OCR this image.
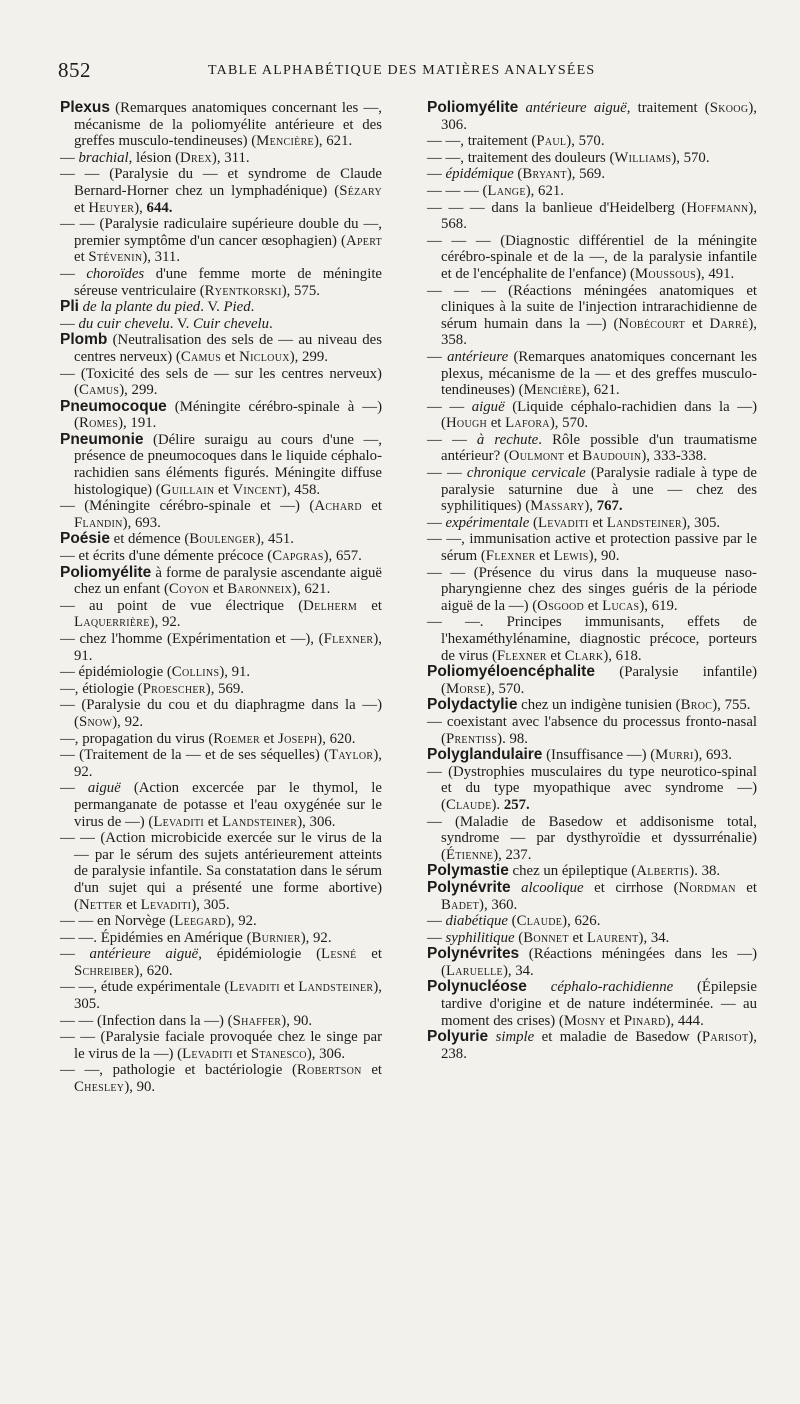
852	TABLE ALPHABÉTIQUE DES MATIÈRES ANALYSÉES

Plexus (Remarques anatomiques concernant les —, mécanisme de la poliomyélite antérieure et des greffes musculo-tendineuses) (Mencière), 621.

— brachial, lésion (Drex), 311.

— — (Paralysie du — et syndrome de Claude Bernard-Horner chez un lymphadénique) (Sézary et Heuyer), 644.

— — (Paralysie radiculaire supérieure double du —, premier symptôme d'un cancer œsophagien) (Apert et Stévenin), 311.

— choroïdes d'une femme morte de méningite séreuse ventriculaire (Ryentkorski), 575.

Pli de la plante du pied. V. Pied.

— du cuir chevelu. V. Cuir chevelu.

Plomb (Neutralisation des sels de — au niveau des centres nerveux) (Camus et Nicloux), 299.

— (Toxicité des sels de — sur les centres nerveux) (Camus), 299.

Pneumocoque (Méningite cérébro-spinale à —) (Romes), 191.

Pneumonie (Délire suraigu au cours d'une —, présence de pneumocoques dans le liquide céphalo-rachidien sans éléments figurés. Méningite diffuse histologique) (Guillain et Vincent), 458.

— (Méningite cérébro-spinale et —) (Achard et Flandin), 693.

Poésie et démence (Boulenger), 451.

— et écrits d'une démente précoce (Capgras), 657.

Poliomyélite à forme de paralysie ascendante aiguë chez un enfant (Coyon et Baronneix), 621.

— au point de vue électrique (Delherm et Laquerrière), 92.

— chez l'homme (Expérimentation et —), (Flexner), 91.

— épidémiologie (Collins), 91.

—, étiologie (Proescher), 569.

— (Paralysie du cou et du diaphragme dans la —) (Snow), 92.

—, propagation du virus (Roemer et Joseph), 620.

— (Traitement de la — et de ses séquelles) (Taylor), 92.

— aiguë (Action excercée par le thymol, le permanganate de potasse et l'eau oxygénée sur le virus de —) (Levaditi et Landsteiner), 306.

— — (Action microbicide exercée sur le virus de la — par le sérum des sujets antérieurement atteints de paralysie infantile. Sa constatation dans le sérum d'un sujet qui a présenté une forme abortive) (Netter et Levaditi), 305.

— — en Norvège (Leegard), 92.

— —. Épidémies en Amérique (Burnier), 92.

— antérieure aiguë, épidémiologie (Lesné et Schreiber), 620.

— —, étude expérimentale (Levaditi et Landsteiner), 305.

— — (Infection dans la —) (Shaffer), 90.

— — (Paralysie faciale provoquée chez le singe par le virus de la —) (Levaditi et Stanesco), 306.

— —, pathologie et bactériologie (Robertson et Chesley), 90.

Poliomyélite antérieure aiguë, traitement (Skoog), 306.

— —, traitement (Paul), 570.

— —, traitement des douleurs (Williams), 570.

— épidémique (Bryant), 569.

— — — (Lange), 621.

— — — dans la banlieue d'Heidelberg (Hoffmann), 568.

— — — (Diagnostic différentiel de la méningite cérébro-spinale et de la —, de la paralysie infantile et de l'encéphalite de l'enfance) (Moussous), 491.

— — — (Réactions méningées anatomiques et cliniques à la suite de l'injection intrarachidienne de sérum humain dans la —) (Nobécourt et Darré), 358.

— antérieure (Remarques anatomiques concernant les plexus, mécanisme de la — et des greffes musculo-tendineuses) (Mencière), 621.

— — aiguë (Liquide céphalo-rachidien dans la —) (Hough et Lafora), 570.

— — à rechute. Rôle possible d'un traumatisme antérieur? (Oulmont et Baudouin), 333-338.

— — chronique cervicale (Paralysie radiale à type de paralysie saturnine due à une — chez des syphilitiques) (Massary), 767.

— expérimentale (Levaditi et Landsteiner), 305.

— —, immunisation active et protection passive par le sérum (Flexner et Lewis), 90.

— — (Présence du virus dans la muqueuse naso-pharyngienne chez des singes guéris de la période aiguë de la —) (Osgood et Lucas), 619.

— —. Principes immunisants, effets de l'hexaméthylénamine, diagnostic précoce, porteurs de virus (Flexner et Clark), 618.

Poliomyéloencéphalite (Paralysie infantile) (Morse), 570.

Polydactylie chez un indigène tunisien (Broc), 755.

— coexistant avec l'absence du processus fronto-nasal (Prentiss). 98.

Polyglandulaire (Insuffisance —) (Murri), 693.

— (Dystrophies musculaires du type neurotico-spinal et du type myopathique avec syndrome —) (Claude). 257.

— (Maladie de Basedow et addisonisme total, syndrome — par dysthyroïdie et dyssurrénalie) (Étienne), 237.

Polymastie chez un épileptique (Albertis). 38.

Polynévrite alcoolique et cirrhose (Nordman et Badet), 360.

— diabétique (Claude), 626.

— syphilitique (Bonnet et Laurent), 34.

Polynévrites (Réactions méningées dans les —) (Laruelle), 34.

Polynucléose céphalo-rachidienne (Épilepsie tardive d'origine et de nature indéterminée. — au moment des crises) (Mosny et Pinard), 444.

Polyurie simple et maladie de Basedow (Parisot), 238.
